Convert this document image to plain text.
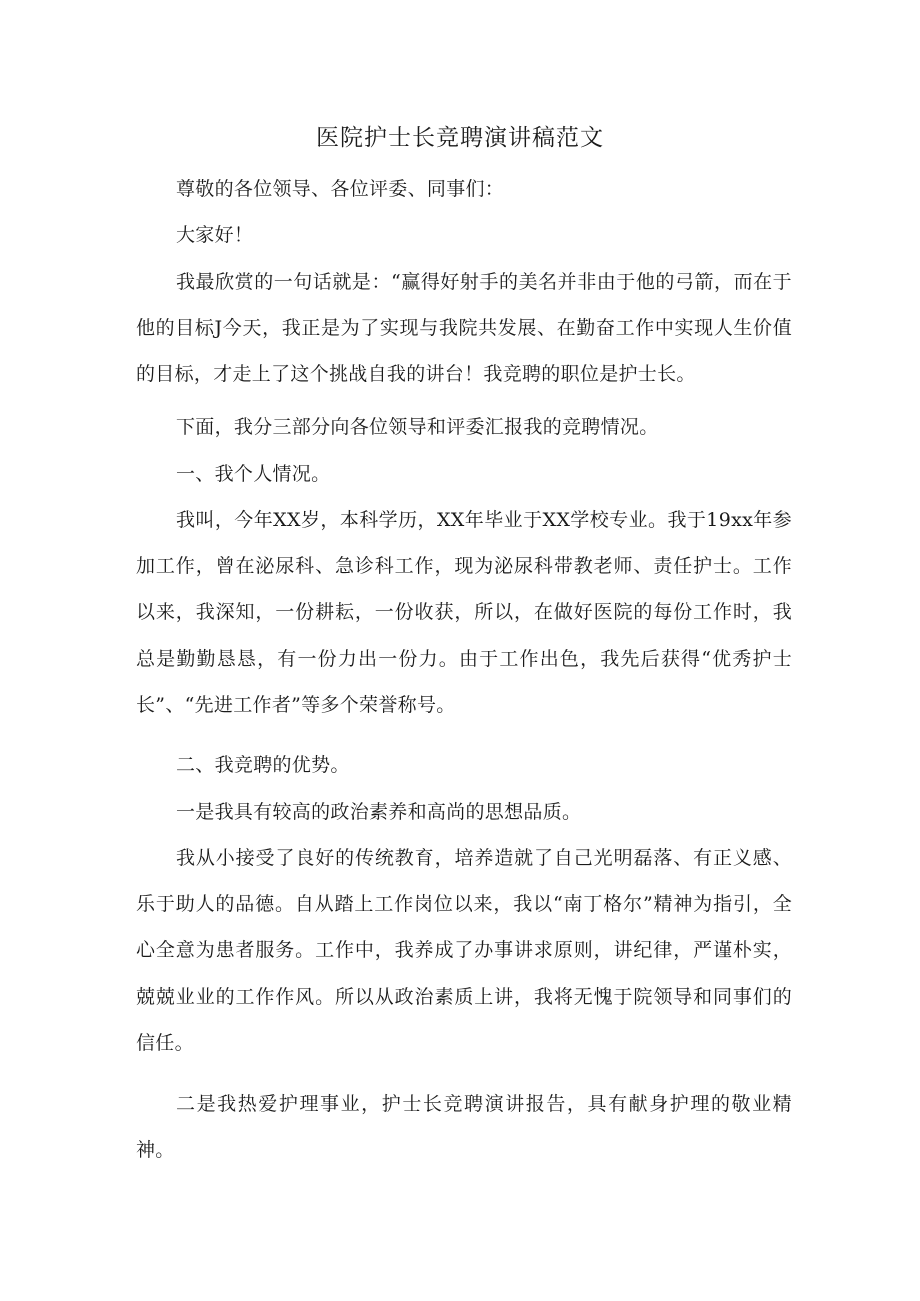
医院护士长竞聘演讲稿范文

尊敬的各位领导、各位评委、同事们：

大家好！

我最欣赏的一句话就是：“赢得好射手的美名并非由于他的弓箭，而在于他的目标J今天，我正是为了实现与我院共发展、在勤奋工作中实现人生价值的目标，才走上了这个挑战自我的讲台！我竞聘的职位是护士长。

下面，我分三部分向各位领导和评委汇报我的竞聘情况。

一、我个人情况。

我叫，今年XX岁，本科学历，XX年毕业于XX学校专业。我于19xx年参加工作，曾在泌尿科、急诊科工作，现为泌尿科带教老师、责任护士。工作以来，我深知，一份耕耘，一份收获，所以，在做好医院的每份工作时，我总是勤勤恳恳，有一份力出一份力。由于工作出色，我先后获得“优秀护士长”、“先进工作者”等多个荣誉称号。

二、我竞聘的优势。

一是我具有较高的政治素养和高尚的思想品质。

我从小接受了良好的传统教育，培养造就了自己光明磊落、有正义感、乐于助人的品德。自从踏上工作岗位以来，我以“南丁格尔”精神为指引，全心全意为患者服务。工作中，我养成了办事讲求原则，讲纪律，严谨朴实，兢兢业业的工作作风。所以从政治素质上讲，我将无愧于院领导和同事们的信任。

二是我热爱护理事业，护士长竞聘演讲报告，具有献身护理的敬业精神。
